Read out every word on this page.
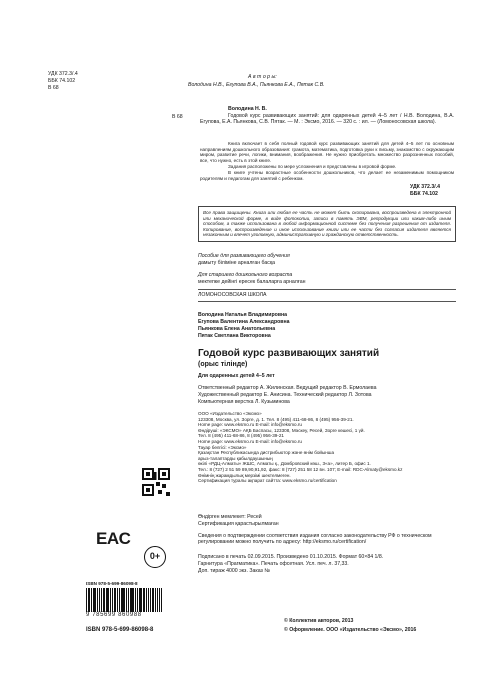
УДК 372.3/.4
ББК 74.102
В 68
А в т о р ы:
Володина Н.В., Егупова В.А., Пьянкова Е.А., Пятак С.В.
В 68
Володина Н. В.
Годовой курс развивающих занятий: для одаренных детей 4–5 лет / Н.В. Володина, В.А. Егупова, Е.А. Пьянкова, С.В. Пятак. — М. : Эксмо, 2016. — 320 с. : ил. — (Ломоносовская школа).
Книга включает в себя полный годовой курс развивающих занятий для детей 4–5 лет по основным направлениям дошкольного образования: грамота, математика, подготовка руки к письму, знакомство с окружающим миром, развитие речи, логики, внимания, воображения. Не нужно приобретать множество разрозненных пособий, все, что нужно, есть в этой книге.
Задания расположены по мере усложнения и представлены в игровой форме.
В книге учтены возрастные особенности дошкольников, что делает ее незаменимым помощником родителям и педагогам для занятий с ребенком.
УДК 372.3/.4
ББК 74.102
Все права защищены. Книга или любая ее часть не может быть скопирована, воспроизведена в электронной или механической форме, в виде фотокопии, записи в память ЭВМ, репродукции или каким-либо иным способом, а также использована в любой информационной системе без получения разрешения от издателя. Копирование, воспроизведение и иное использование книги или ее части без согласия издателя является незаконным и влечет уголовную, административную и гражданскую ответственность.
Пособие для развивающего обучения
дамыту бiлiмiне арналған басқа
Для старшего дошкольного возраста
мектепке дейiнгi ересек балаларға арналған
ЛОМОНОСОВСКАЯ ШКОЛА
Володина Наталья Владимировна
Егупова Валентина Александровна
Пьянкова Елена Анатольевна
Пятак Светлана Викторовна
Годовой курс развивающих занятий
(орыс тілінде)
Для одаренных детей 4–5 лет
Ответственный редактор А. Жилинская. Ведущий редактор В. Ермолаева
Художественный редактор Е. Анисина. Технический редактор Л. Зотова
Компьютерная верстка Л. Кузьминова
ООО «Издательство «Эксмо»
123308, Москва, ул. Зорге, д. 1. Тел. 8 (495) 411-68-86, 8 (495) 956-39-21.
Home page: www.eksmo.ru E-mail: info@eksmo.ru
Өндіруші: «ЭКСМО» АҚБ Баспасы, 123308, Мәскеу, Ресей, Зорге көшесі, 1 үй.
Тел. 8 (495) 411-68-86, 8 (495) 956-39-21
Home page: www.eksmo.ru E-mail: info@eksmo.ru
Тауар белгісі: «Эксмо»
Қазақстан Республикасында дистрибьютор және өнім бойынша
арыз-талаптарды қабылдаушының
өкілі «РДЦ-Алматы» ЖШС, Алматы қ., Домбровский көш., 3«а», литер Б, офис 1.
Тел.: 8 (727) 2 51 59 89,90,91,92, факс: 8 (727) 251 58 12 вн. 107; E-mail: RDC-Almaty@eksmo.kz
Өнімнің жарамдылық мерзімі шектелмеген.
Сертификация туралы ақпарат сайтта: www.eksmo.ru/certification
Өндірген мемлекет: Ресей
Сертификация қарастырылмаған
EAC	Сведения о подтверждении соответствия издания согласно законодательству РФ о техническом регулировании можно получить по адресу: http://eksmo.ru/certification/
Подписано в печать 02.09.2015. Произведено 01.10.2015. Формат 60×84 1/8.
Гарнитура «Прагматика». Печать офсетная. Усл. печ. л. 37,33.
Доп. тираж 4000 экз. Заказ №
0+
ISBN 978-5-699-86098-8
9 785699 860988
ISBN 978-5-699-86098-8
© Коллектив авторов, 2013
© Оформление. ООО «Издательство «Эксмо», 2016
